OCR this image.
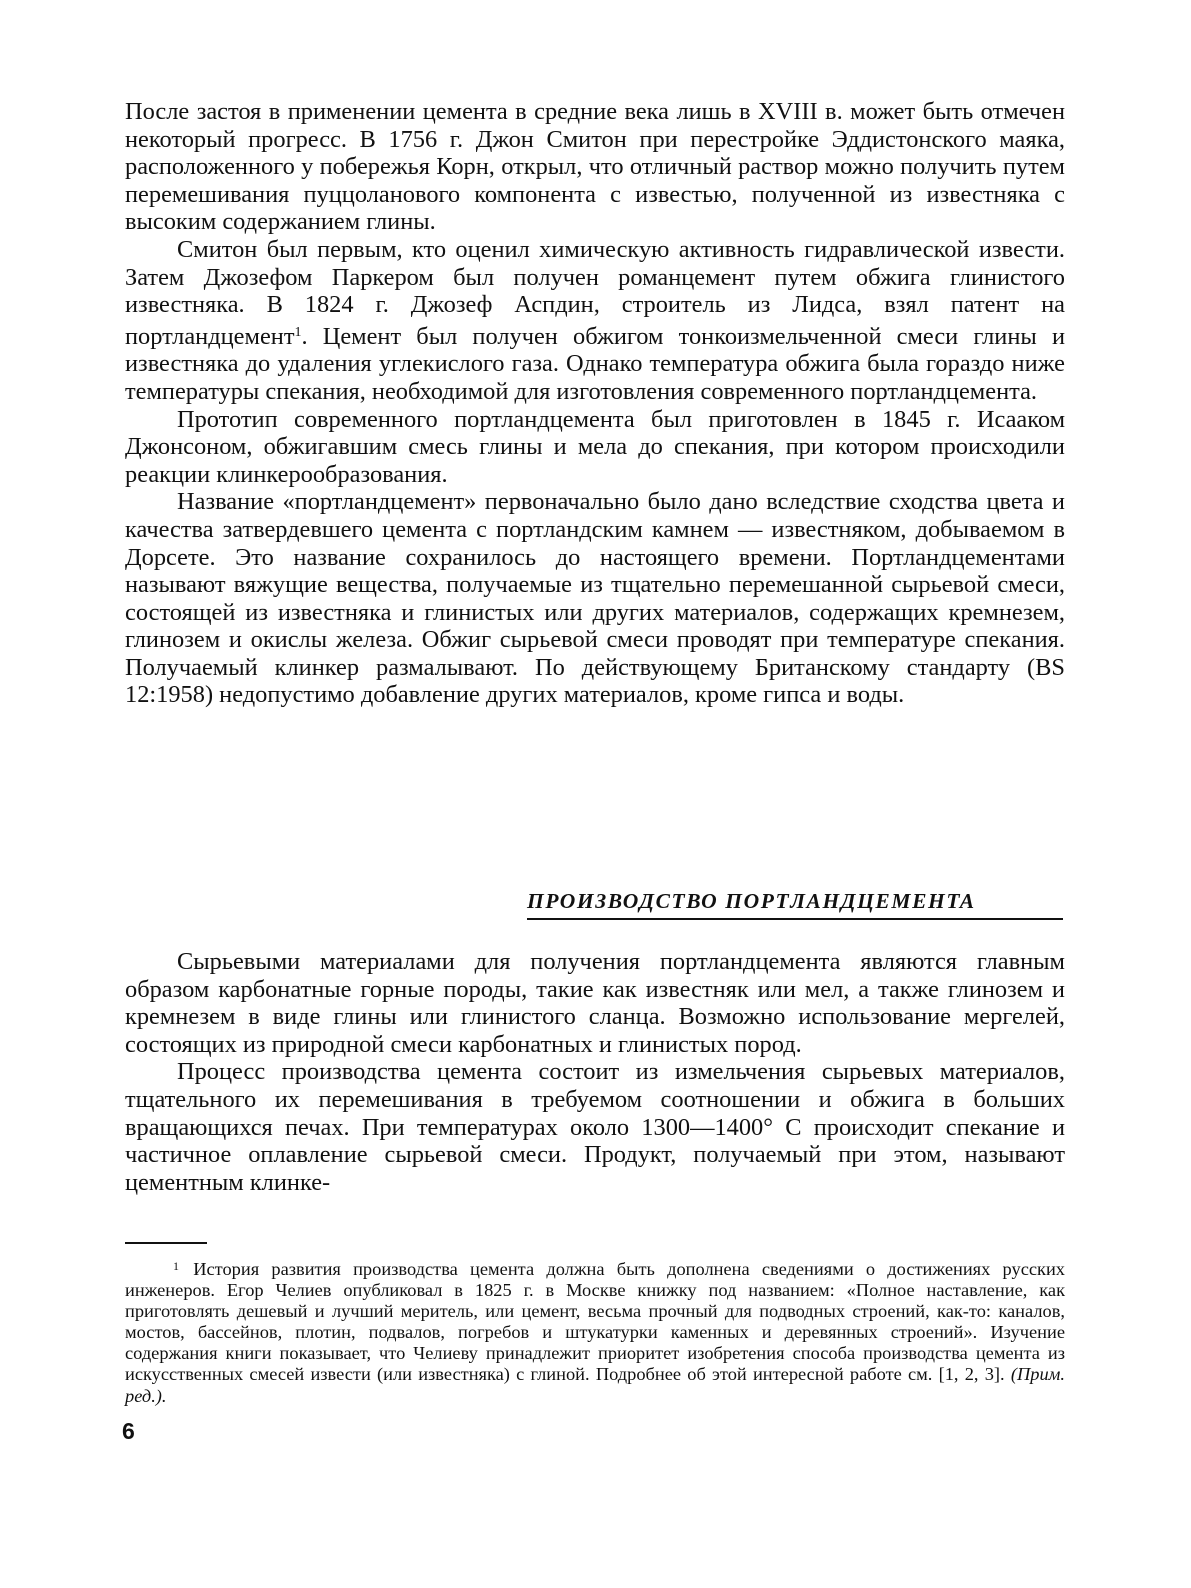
После застоя в применении цемента в средние века лишь в XVIII в. может быть отмечен некоторый прогресс. В 1756 г. Джон Смитон при перестройке Эддистонского маяка, расположенного у побережья Корн, открыл, что отличный раствор можно получить путем перемешивания пуццоланового компонента с известью, полученной из известняка с высоким содержанием глины.

Смитон был первым, кто оценил химическую активность гидравлической извести. Затем Джозефом Паркером был получен романцемент путем обжига глинистого известняка. В 1824 г. Джозеф Аспдин, строитель из Лидса, взял патент на портландцемент$^1$. Цемент был получен обжигом тонкоизмельченной смеси глины и известняка до удаления углекислого газа. Однако температура обжига была гораздо ниже температуры спекания, необходимой для изготовления современного портландцемента.

Прототип современного портландцемента был приготовлен в 1845 г. Исааком Джонсоном, обжигавшим смесь глины и мела до спекания, при котором происходили реакции клинкерообразования.

Название «портландцемент» первоначально было дано вследствие сходства цвета и качества затвердевшего цемента с портландским камнем — известняком, добываемом в Дорсете. Это название сохранилось до настоящего времени. Портландцементами называют вяжущие вещества, получаемые из тщательно перемешанной сырьевой смеси, состоящей из известняка и глинистых или других материалов, содержащих кремнезем, глинозем и окислы железа. Обжиг сырьевой смеси проводят при температуре спекания. Получаемый клинкер размалывают. По действующему Британскому стандарту (BS 12:1958) недопустимо добавление других материалов, кроме гипса и воды.

ПРОИЗВОДСТВО ПОРТЛАНДЦЕМЕНТА

Сырьевыми материалами для получения портландцемента являются главным образом карбонатные горные породы, такие как известняк или мел, а также глинозем и кремнезем в виде глины или глинистого сланца. Возможно использование мергелей, состоящих из природной смеси карбонатных и глинистых пород.

Процесс производства цемента состоит из измельчения сырьевых материалов, тщательного их перемешивания в требуемом соотношении и обжига в больших вращающихся печах. При температурах около 1300—1400° С происходит спекание и частичное оплавление сырьевой смеси. Продукт, получаемый при этом, называют цементным клинке-

$^1$ История развития производства цемента должна быть дополнена сведениями о достижениях русских инженеров. Егор Челиев опубликовал в 1825 г. в Москве книжку под названием: «Полное наставление, как приготовлять дешевый и лучший меритель, или цемент, весьма прочный для подводных строений, как-то: каналов, мостов, бассейнов, плотин, подвалов, погребов и штукатурки каменных и деревянных строений». Изучение содержания книги показывает, что Челиеву принадлежит приоритет изобретения способа производства цемента из искусственных смесей извести (или известняка) с глиной. Подробнее об этой интересной работе см. [1, 2, 3]. (Прим. ред.).

6
